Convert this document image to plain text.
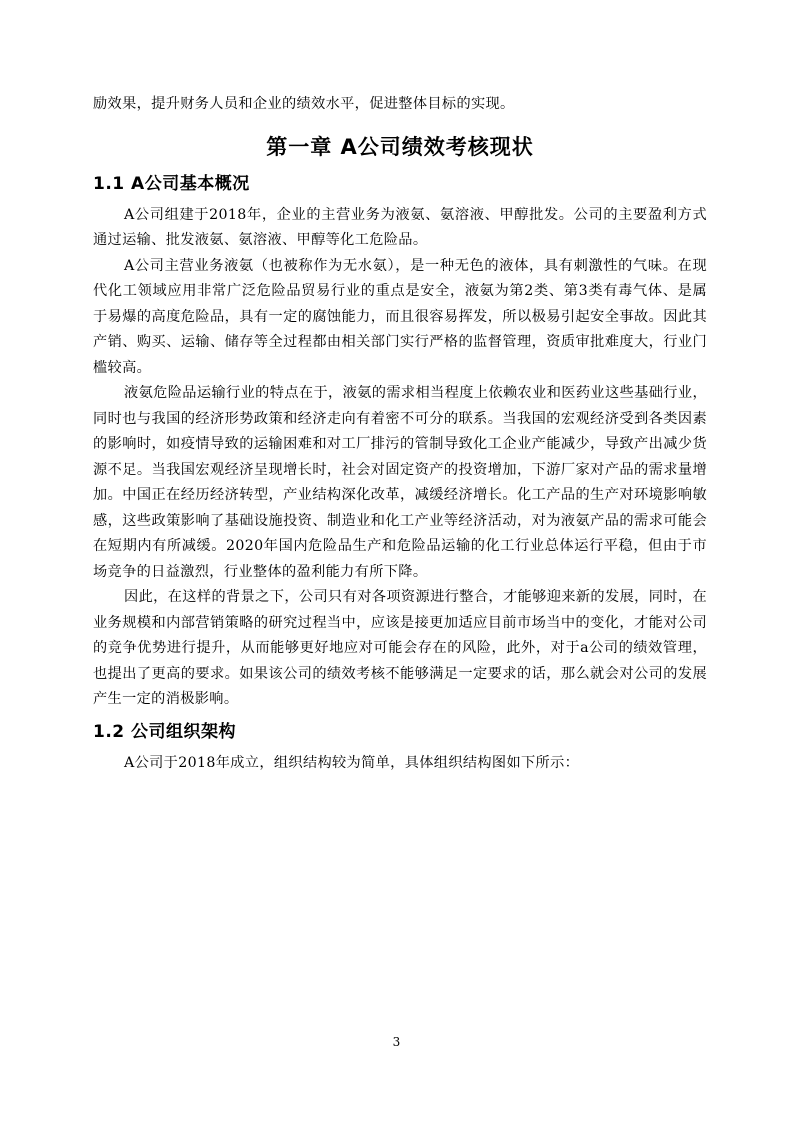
励效果，提升财务人员和企业的绩效水平，促进整体目标的实现。

第一章 A公司绩效考核现状
1.1 A公司基本概况

A公司组建于2018年，企业的主营业务为液氨、氨溶液、甲醇批发。公司的主要盈利方式通过运输、批发液氨、氨溶液、甲醇等化工危险品。

A公司主营业务液氨（也被称作为无水氨），是一种无色的液体，具有刺激性的气味。在现代化工领域应用非常广泛危险品贸易行业的重点是安全，液氨为第2类、第3类有毒气体、是属于易爆的高度危险品，具有一定的腐蚀能力，而且很容易挥发，所以极易引起安全事故。因此其产销、购买、运输、储存等全过程都由相关部门实行严格的监督管理，资质审批难度大，行业门槛较高。

液氨危险品运输行业的特点在于，液氨的需求相当程度上依赖农业和医药业这些基础行业，同时也与我国的经济形势政策和经济走向有着密不可分的联系。当我国的宏观经济受到各类因素的影响时，如疫情导致的运输困难和对工厂排污的管制导致化工企业产能减少，导致产出减少货源不足。当我国宏观经济呈现增长时，社会对固定资产的投资增加，下游厂家对产品的需求量增加。中国正在经历经济转型，产业结构深化改革，减缓经济增长。化工产品的生产对环境影响敏感，这些政策影响了基础设施投资、制造业和化工产业等经济活动，对为液氨产品的需求可能会在短期内有所减缓。2020年国内危险品生产和危险品运输的化工行业总体运行平稳，但由于市场竞争的日益激烈，行业整体的盈利能力有所下降。

因此，在这样的背景之下，公司只有对各项资源进行整合，才能够迎来新的发展，同时，在业务规模和内部营销策略的研究过程当中，应该是接更加适应目前市场当中的变化，才能对公司的竞争优势进行提升，从而能够更好地应对可能会存在的风险，此外，对于a公司的绩效管理，也提出了更高的要求。如果该公司的绩效考核不能够满足一定要求的话，那么就会对公司的发展产生一定的消极影响。

1.2 公司组织架构

A公司于2018年成立，组织结构较为简单，具体组织结构图如下所示：

3
